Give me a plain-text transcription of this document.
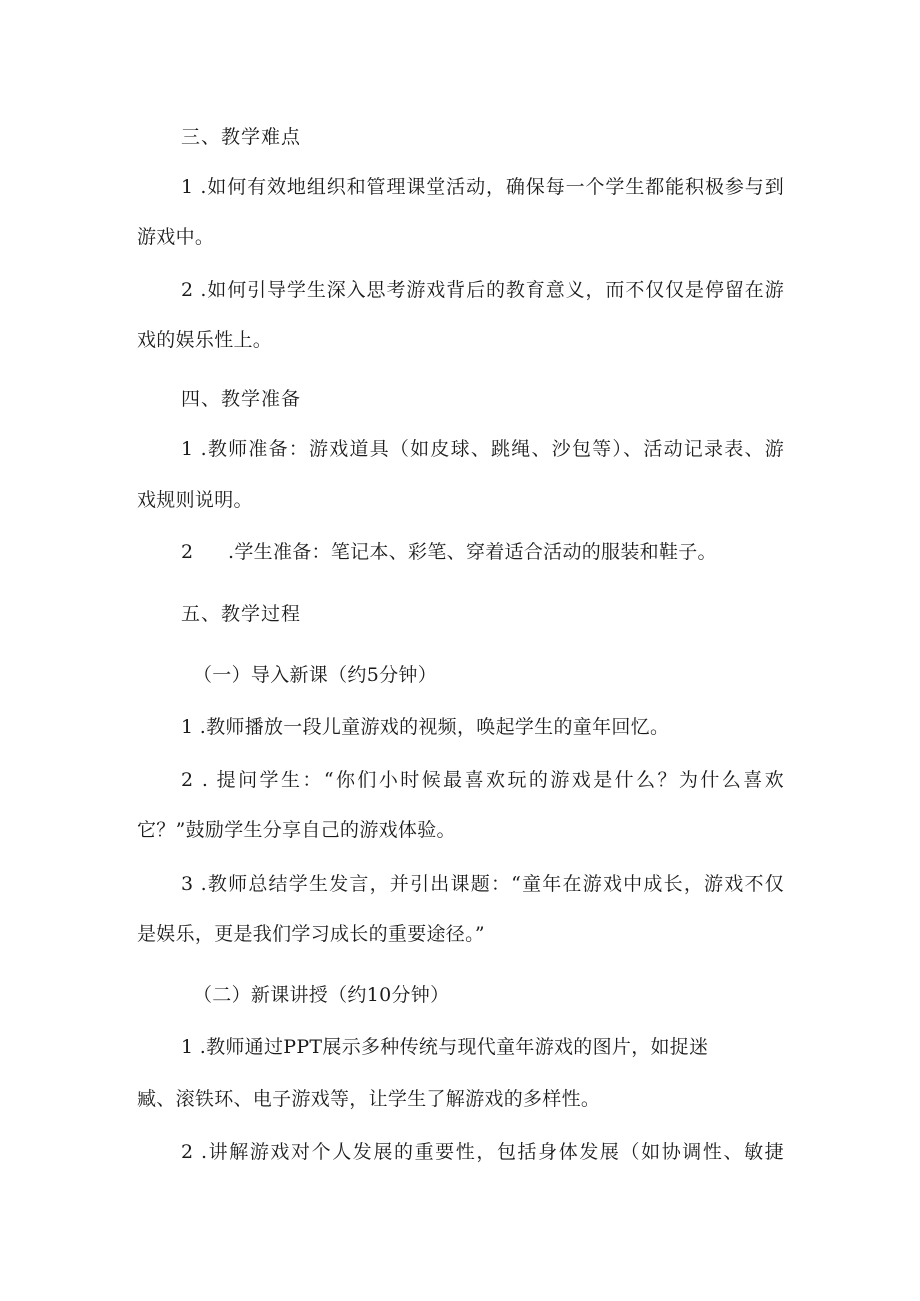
三、教学难点
1 .如何有效地组织和管理课堂活动，确保每一个学生都能积极参与到
游戏中。
2 .如何引导学生深入思考游戏背后的教育意义，而不仅仅是停留在游
戏的娱乐性上。
四、教学准备
1 .教师准备：游戏道具（如皮球、跳绳、沙包等）、活动记录表、游
戏规则说明。
2 .学生准备：笔记本、彩笔、穿着适合活动的服装和鞋子。
五、教学过程
（一）导入新课（约5分钟）
1 .教师播放一段儿童游戏的视频，唤起学生的童年回忆。
2 . 提问学生：“你们小时候最喜欢玩的游戏是什么？为什么喜欢
它？”鼓励学生分享自己的游戏体验。
3 .教师总结学生发言，并引出课题：“童年在游戏中成长，游戏不仅
是娱乐，更是我们学习成长的重要途径。”
（二）新课讲授（约10分钟）
1 .教师通过PPT展示多种传统与现代童年游戏的图片，如捉迷
臧、滚铁环、电子游戏等，让学生了解游戏的多样性。
2 .讲解游戏对个人发展的重要性，包括身体发展（如协调性、敏捷
